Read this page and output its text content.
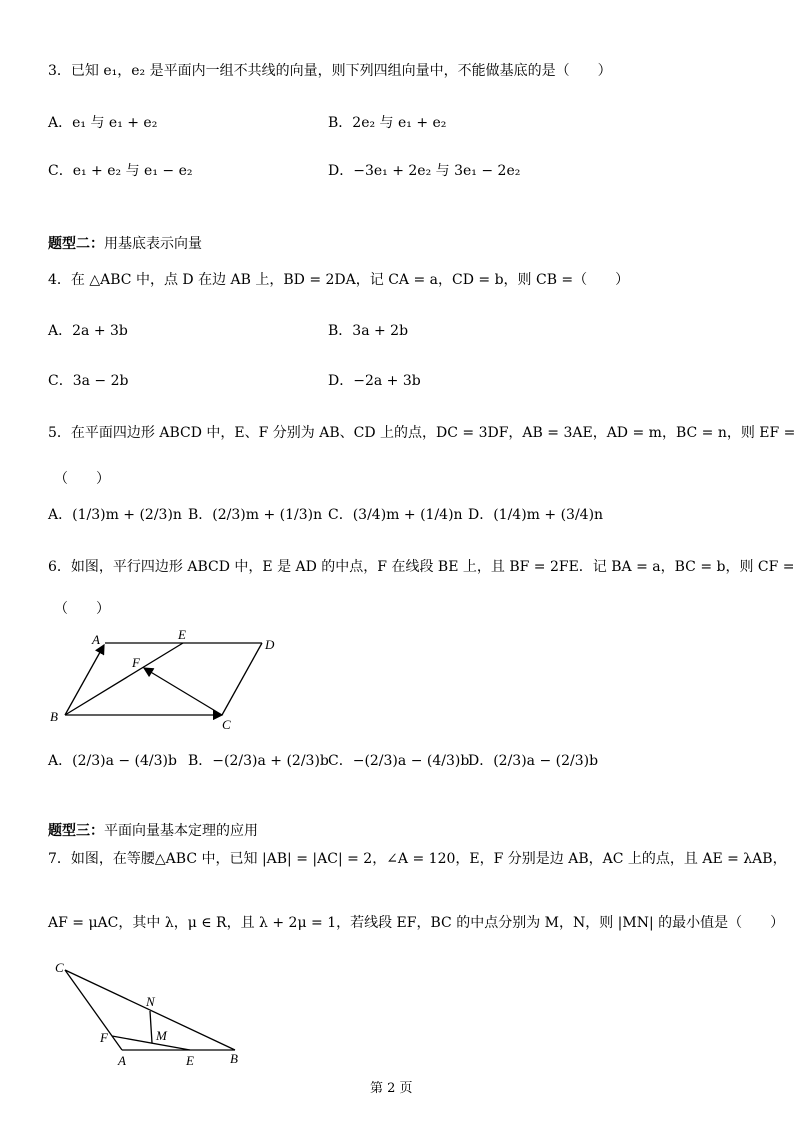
3．已知 e₁，e₂ 是平面内一组不共线的向量，则下列四组向量中，不能做基底的是（　　）
A．e₁ 与 e₁ + e₂	B．2e₂ 与 e₁ + e₂
C．e₁ + e₂ 与 e₁ − e₂	D．−3e₁ + 2e₂ 与 3e₁ − 2e₂
题型二：用基底表示向量
4．在 △ABC 中，点 D 在边 AB 上，BD = 2DA，记 CA = a，CD = b，则 CB =（　　）
A．2a + 3b	B．3a + 2b
C．3a − 2b	D．−2a + 3b
5．在平面四边形 ABCD 中，E、F 分别为 AB、CD 上的点，DC = 3DF，AB = 3AE，AD = m，BC = n，则 EF =
（　　）
A．(1/3)m + (2/3)n B．(2/3)m + (1/3)n C．(3/4)m + (1/4)n D．(1/4)m + (3/4)n
6．如图，平行四边形 ABCD 中，E 是 AD 的中点，F 在线段 BE 上，且 BF = 2FE．记 BA = a，BC = b，则 CF =
（　　）
A	E
D
F
B
C
A．(2/3)a − (4/3)b B．−(2/3)a + (2/3)b C．−(2/3)a − (4/3)b
D．(2/3)a − (2/3)b
题型三：平面向量基本定理的应用
7．如图，在等腰△ABC 中，已知 |AB| = |AC| = 2，∠A = 120，E，F 分别是边 AB，AC 上的点，且 AE = λAB，
AF = μAC，其中 λ，μ ∈ R，且 λ + 2μ = 1，若线段 EF，BC 的中点分别为 M，N，则 |MN| 的最小值是（　　）
C
N
M
F
A	E	B
第 2 页
